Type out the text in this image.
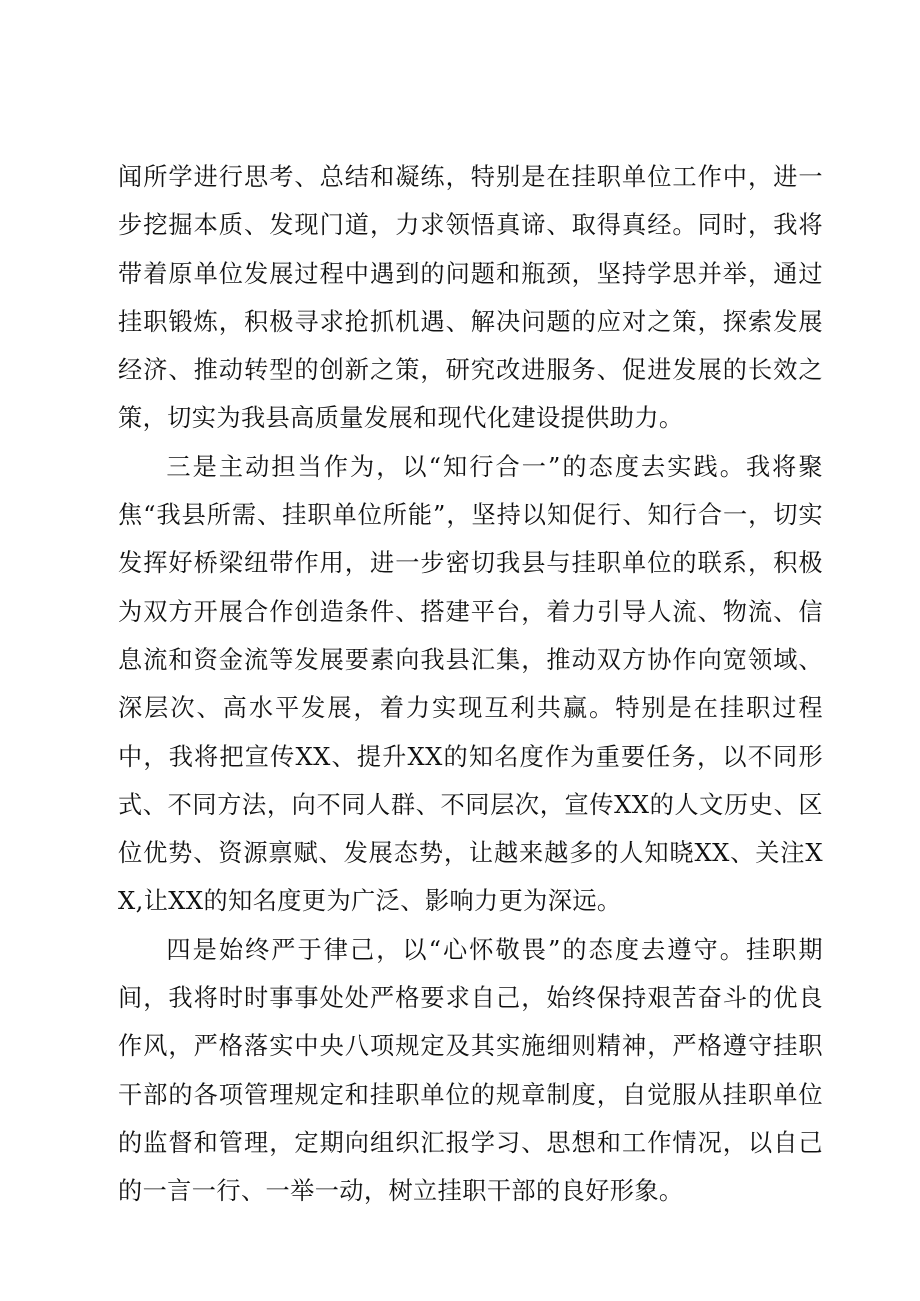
闻所学进行思考、总结和凝练，特别是在挂职单位工作中，进一步挖掘本质、发现门道，力求领悟真谛、取得真经。同时，我将带着原单位发展过程中遇到的问题和瓶颈，坚持学思并举，通过挂职锻炼，积极寻求抢抓机遇、解决问题的应对之策，探索发展经济、推动转型的创新之策，研究改进服务、促进发展的长效之策，切实为我县高质量发展和现代化建设提供助力。

三是主动担当作为，以“知行合一”的态度去实践。我将聚焦“我县所需、挂职单位所能”，坚持以知促行、知行合一，切实发挥好桥梁纽带作用，进一步密切我县与挂职单位的联系，积极为双方开展合作创造条件、搭建平台，着力引导人流、物流、信息流和资金流等发展要素向我县汇集，推动双方协作向宽领域、深层次、高水平发展，着力实现互利共赢。特别是在挂职过程中，我将把宣传XX、提升XX的知名度作为重要任务，以不同形式、不同方法，向不同人群、不同层次，宣传XX的人文历史、区位优势、资源禀赋、发展态势，让越来越多的人知晓XX、关注XX,让XX的知名度更为广泛、影响力更为深远。

四是始终严于律己，以“心怀敬畏”的态度去遵守。挂职期间，我将时时事事处处严格要求自己，始终保持艰苦奋斗的优良作风，严格落实中央八项规定及其实施细则精神，严格遵守挂职干部的各项管理规定和挂职单位的规章制度，自觉服从挂职单位的监督和管理，定期向组织汇报学习、思想和工作情况，以自己的一言一行、一举一动，树立挂职干部的良好形象。
